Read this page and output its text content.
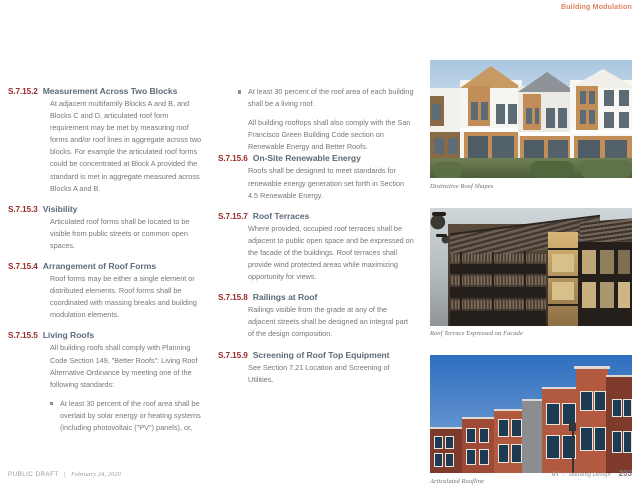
Building Modulation
S.7.15.2 Measurement Across Two Blocks

At adjacent multifamily Blocks A and B, and Blocks C and D, articulated roof form requirement may be met by measuring roof forms and/or roof lines in aggregate across two blocks. For example the articulated roof forms could be concentrated at Block A provided the standard is met in aggregate measured across Blocks A and B.

S.7.15.3 Visibility

Articulated roof forms shall be located to be visible from public streets or common open spaces.

S.7.15.4 Arrangement of Roof Forms

Roof forms may be either a single element or distributed elements. Roof forms shall be coordinated with massing breaks and building modulation elements.

S.7.15.5 Living Roofs

All building roofs shall comply with Planning Code Section 149, "Better Roofs": Living Roof Alternative Ordinance by meeting one of the following standards:

At least 30 percent of the roof area shall be overlaid by solar energy or heating systems (including photovoltaic ("PV") panels), or,
At least 30 percent of the roof area of each building shall be a living roof.

All building rooftops shall also comply with the San Francisco Green Building Code section on Renewable Energy and Better Roofs.

S.7.15.6 On-Site Renewable Energy

Roofs shall be designed to meet standards for renewable energy generation set forth in Section 4.5 Renewable Energy.

S.7.15.7 Roof Terraces

Where provided, occupied roof terraces shall be adjacent to public open space and be expressed on the facade of the buildings. Roof terraces shall provide wind protected areas while maximizing opportunity for views.

S.7.15.8 Railings at Roof

Railings visible from the grade at any of the adjacent streets shall be designed an integral part of the design composition.

S.7.15.9 Screening of Roof Top Equipment

See Section 7.21 Location and Screening of Utilities.

Distinctive Roof Shapes
Roof Terrace Expressed on Facade
Articulated Roofline
PUBLIC DRAFT | February 24, 2020	07 / Building Design 203
